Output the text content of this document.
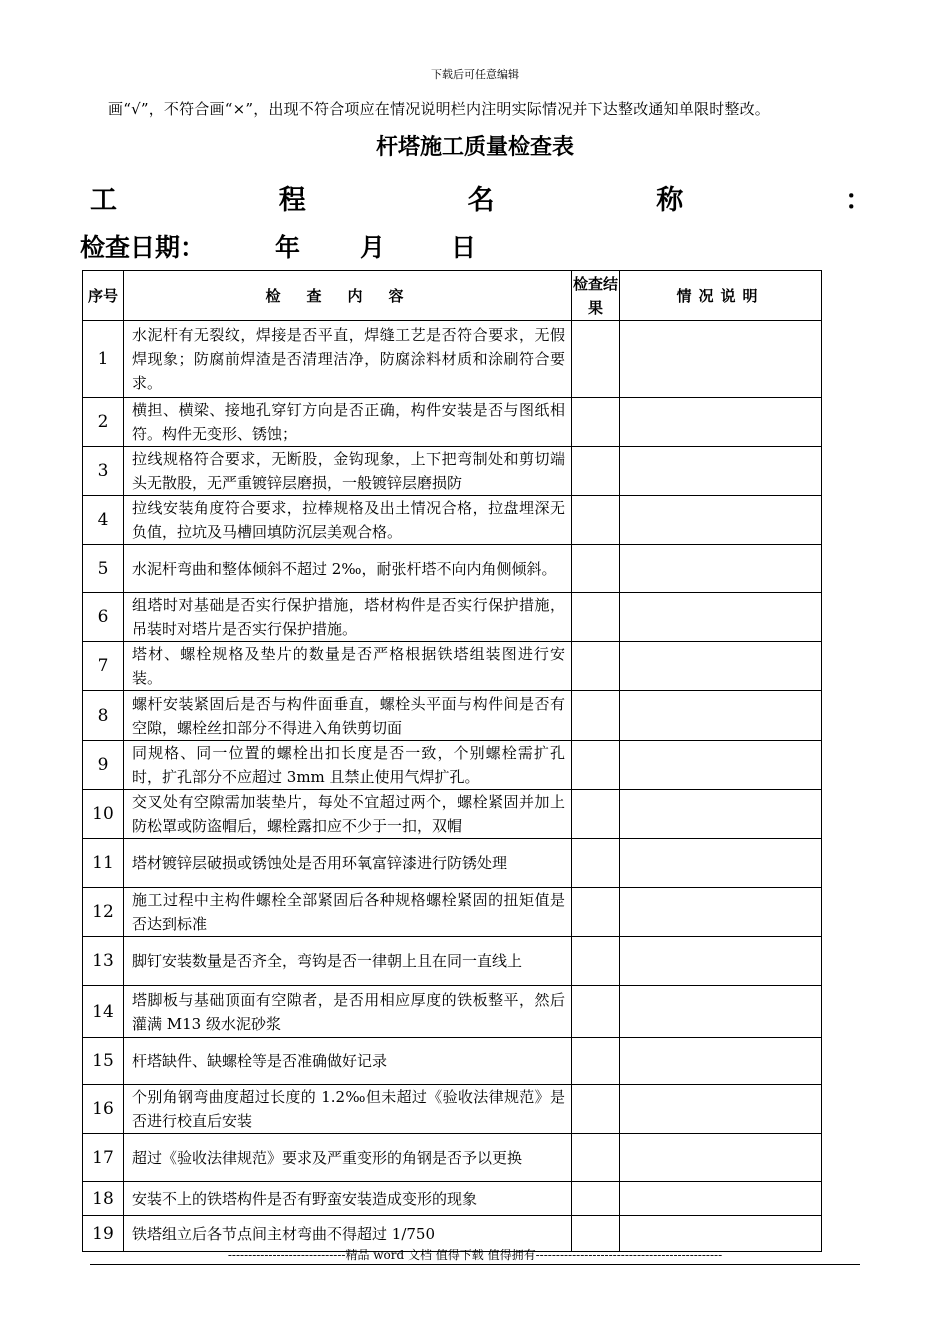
下载后可任意编辑
画“√”，不符合画“×”，出现不符合项应在情况说明栏内注明实际情况并下达整改通知单限时整改。
杆塔施工质量检查表
工	程	名	称	：
检查日期：	年 月	日
序号	检查内容	检查结果	情况说明
1	水泥杆有无裂纹，焊接是否平直，焊缝工艺是否符合要求，无假焊现象；防腐前焊渣是否清理洁净，防腐涂料材质和涂刷符合要求。		

2	横担、横梁、接地孔穿钉方向是否正确，构件安装是否与图纸相符。构件无变形、锈蚀；		

3	拉线规格符合要求，无断股，金钩现象，上下把弯制处和剪切端头无散股，无严重镀锌层磨损，一般镀锌层磨损防		

4	拉线安装角度符合要求，拉棒规格及出土情况合格，拉盘埋深无负值，拉坑及马槽回填防沉层美观合格。		

5	水泥杆弯曲和整体倾斜不超过 2‰，耐张杆塔不向内角侧倾斜。		

6	组塔时对基础是否实行保护措施，塔材构件是否实行保护措施，吊装时对塔片是否实行保护措施。		

7	塔材、螺栓规格及垫片的数量是否严格根据铁塔组装图进行安装。		

8	螺杆安装紧固后是否与构件面垂直，螺栓头平面与构件间是否有空隙，螺栓丝扣部分不得进入角铁剪切面		

9	同规格、同一位置的螺栓出扣长度是否一致，个别螺栓需扩孔时，扩孔部分不应超过 3mm 且禁止使用气焊扩孔。		

10	交叉处有空隙需加装垫片，每处不宜超过两个，螺栓紧固并加上防松罩或防盗帽后，螺栓露扣应不少于一扣，双帽		

11	塔材镀锌层破损或锈蚀处是否用环氧富锌漆进行防锈处理		

12	施工过程中主构件螺栓全部紧固后各种规格螺栓紧固的扭矩值是否达到标准		

13	脚钉安装数量是否齐全，弯钩是否一律朝上且在同一直线上		

14	塔脚板与基础顶面有空隙者，是否用相应厚度的铁板整平，然后灌满 M13 级水泥砂浆		

15	杆塔缺件、缺螺栓等是否准确做好记录		

16	个别角钢弯曲度超过长度的 1.2‰但未超过《验收法律规范》是否进行校直后安装		

17	超过《验收法律规范》要求及严重变形的角钢是否予以更换		

18	安装不上的铁塔构件是否有野蛮安装造成变形的现象		

19	铁塔组立后各节点间主材弯曲不得超过 1/750		

-----------------------------精品 word 文档 值得下载 值得拥有----------------------------------------------
